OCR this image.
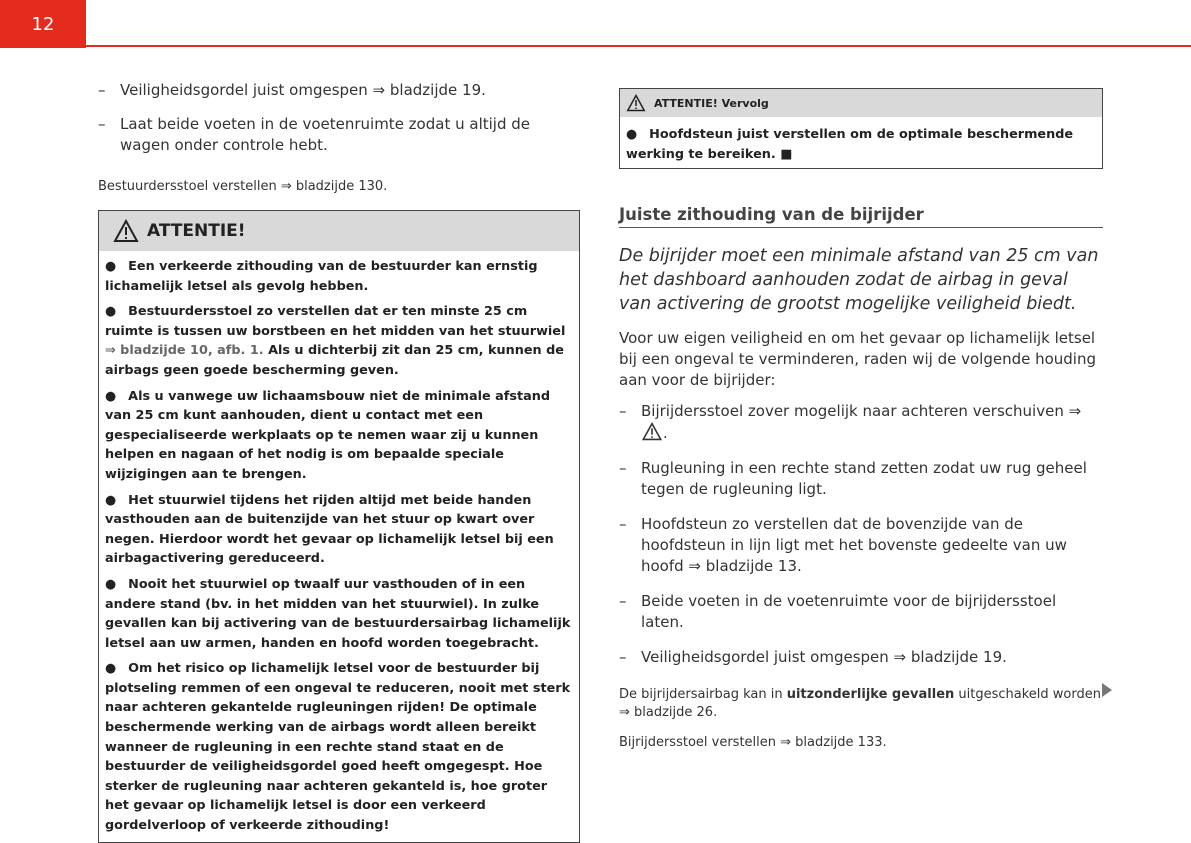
12
– Veiligheidsgordel juist omgespen ⇒ bladzijde 19.
– Laat beide voeten in de voetenruimte zodat u altijd de wagen onder controle hebt.

Bestuurdersstoel verstellen ⇒ bladzijde 130.

ATTENTIE!

● Een verkeerde zithouding van de bestuurder kan ernstig lichamelijk letsel als gevolg hebben.

● Bestuurdersstoel zo verstellen dat er ten minste 25 cm ruimte is tussen uw borstbeen en het midden van het stuurwiel ⇒ bladzijde 10, afb. 1. Als u dichterbij zit dan 25 cm, kunnen de airbags geen goede bescherming geven.

● Als u vanwege uw lichaamsbouw niet de minimale afstand van 25 cm kunt aanhouden, dient u contact met een gespecialiseerde werkplaats op te nemen waar zij u kunnen helpen en nagaan of het nodig is om bepaalde speciale wijzigingen aan te brengen.

● Het stuurwiel tijdens het rijden altijd met beide handen vasthouden aan de buitenzijde van het stuur op kwart over negen. Hierdoor wordt het gevaar op lichamelijk letsel bij een airbagactivering gereduceerd.

● Nooit het stuurwiel op twaalf uur vasthouden of in een andere stand (bv. in het midden van het stuurwiel). In zulke gevallen kan bij activering van de bestuurdersairbag lichamelijk letsel aan uw armen, handen en hoofd worden toegebracht.

● Om het risico op lichamelijk letsel voor de bestuurder bij plotseling remmen of een ongeval te reduceren, nooit met sterk naar achteren gekantelde rugleuningen rijden! De optimale beschermende werking van de airbags wordt alleen bereikt wanneer de rugleuning in een rechte stand staat en de bestuurder de veiligheidsgordel goed heeft omgegespt. Hoe sterker de rugleuning naar achteren gekanteld is, hoe groter het gevaar op lichamelijk letsel is door een verkeerd gordelverloop of verkeerde zithouding!

ATTENTIE! Vervolg

● Hoofdsteun juist verstellen om de optimale beschermende werking te bereiken. ■

Juiste zithouding van de bijrijder

De bijrijder moet een minimale afstand van 25 cm van het dashboard aanhouden zodat de airbag in geval van activering de grootst mogelijke veiligheid biedt.

Voor uw eigen veiligheid en om het gevaar op lichamelijk letsel bij een ongeval te verminderen, raden wij de volgende houding aan voor de bijrijder:

– Bijrijdersstoel zover mogelijk naar achteren verschuiven ⇒ .
– Rugleuning in een rechte stand zetten zodat uw rug geheel tegen de rugleuning ligt.
– Hoofdsteun zo verstellen dat de bovenzijde van de hoofdsteun in lijn ligt met het bovenste gedeelte van uw hoofd ⇒ bladzijde 13.
– Beide voeten in de voetenruimte voor de bijrijdersstoel laten.
– Veiligheidsgordel juist omgespen ⇒ bladzijde 19.

De bijrijdersairbag kan in uitzonderlijke gevallen uitgeschakeld worden ⇒ bladzijde 26.

Bijrijdersstoel verstellen ⇒ bladzijde 133.
